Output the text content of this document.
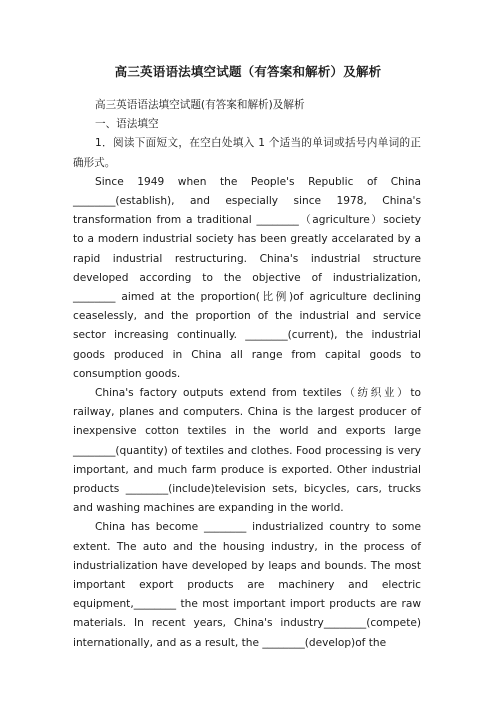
高三英语语法填空试题（有答案和解析）及解析

高三英语语法填空试题(有答案和解析)及解析

一、语法填空

1．阅读下面短文，在空白处填入 1 个适当的单词或括号内单词的正确形式。

Since 1949 when the People's Republic of China ________(establish), and especially since 1978, China's transformation from a traditional ________（agriculture）society to a modern industrial society has been greatly accelarated by a rapid industrial restructuring. China's industrial structure developed according to the objective of industrialization, ________ aimed at the proportion(比例)of agriculture declining ceaselessly, and the proportion of the industrial and service sector increasing continually. ________(current), the industrial goods produced in China all range from capital goods to consumption goods.

China's factory outputs extend from textiles（纺织业）to railway, planes and computers. China is the largest producer of inexpensive cotton textiles in the world and exports large ________(quantity) of textiles and clothes. Food processing is very important, and much farm produce is exported. Other industrial products ________(include)television sets, bicycles, cars, trucks and washing machines are expanding in the world.

China has become ________ industrialized country to some extent. The auto and the housing industry, in the process of industrialization have developed by leaps and bounds. The most important export products are machinery and electric equipment,________ the most important import products are raw materials. In recent years, China's industry________(compete) internationally, and as a result, the ________(develop)of the
